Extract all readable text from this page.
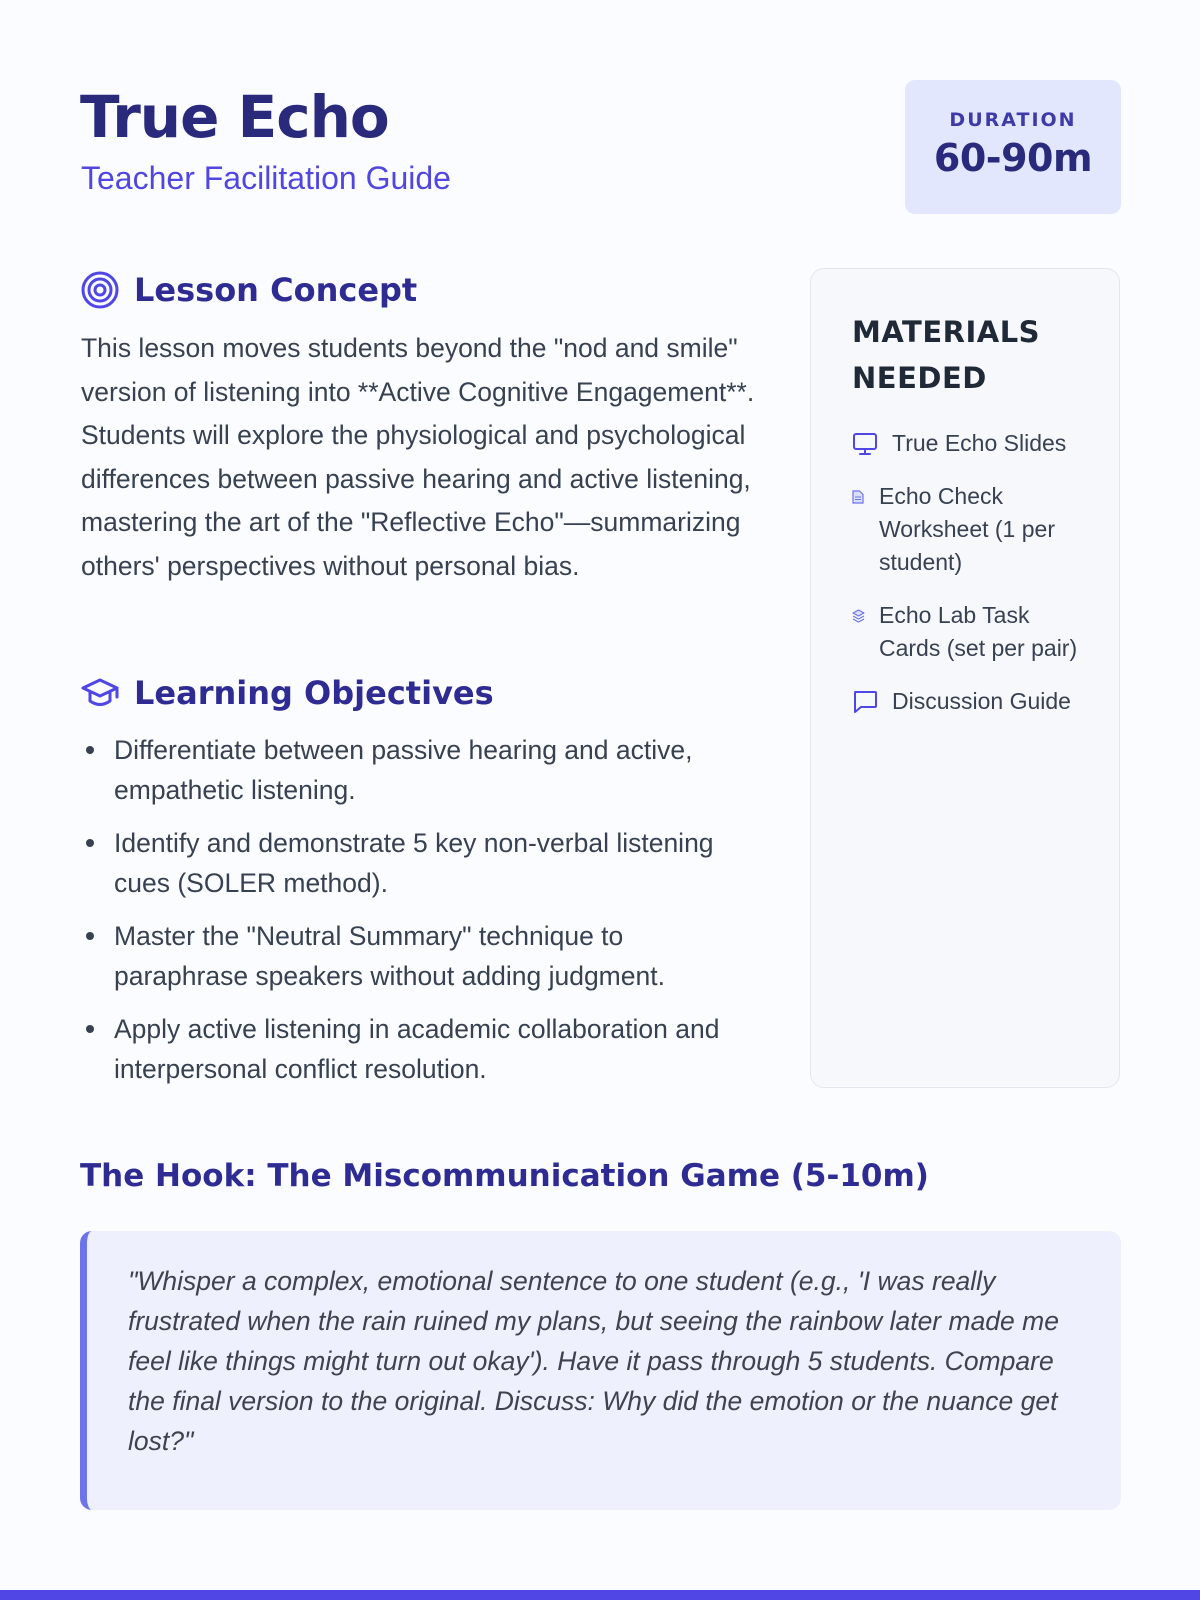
True Echo
Teacher Facilitation Guide
DURATION
60-90m
Lesson Concept

This lesson moves students beyond the "nod and smile" version of listening into **Active Cognitive Engagement**. Students will explore the physiological and psychological differences between passive hearing and active listening, mastering the art of the "Reflective Echo"—summarizing others' perspectives without personal bias.

Learning Objectives
Differentiate between passive hearing and active, empathetic listening.
Identify and demonstrate 5 key non-verbal listening cues (SOLER method).
Master the "Neutral Summary" technique to paraphrase speakers without adding judgment.
Apply active listening in academic collaboration and interpersonal conflict resolution.
MATERIALS NEEDED
True Echo Slides
Echo Check Worksheet (1 per student)
Echo Lab Task Cards (set per pair)
Discussion Guide
The Hook: The Miscommunication Game (5-10m)

"Whisper a complex, emotional sentence to one student (e.g., 'I was really frustrated when the rain ruined my plans, but seeing the rainbow later made me feel like things might turn out okay'). Have it pass through 5 students. Compare the final version to the original. Discuss: Why did the emotion or the nuance get lost?"
